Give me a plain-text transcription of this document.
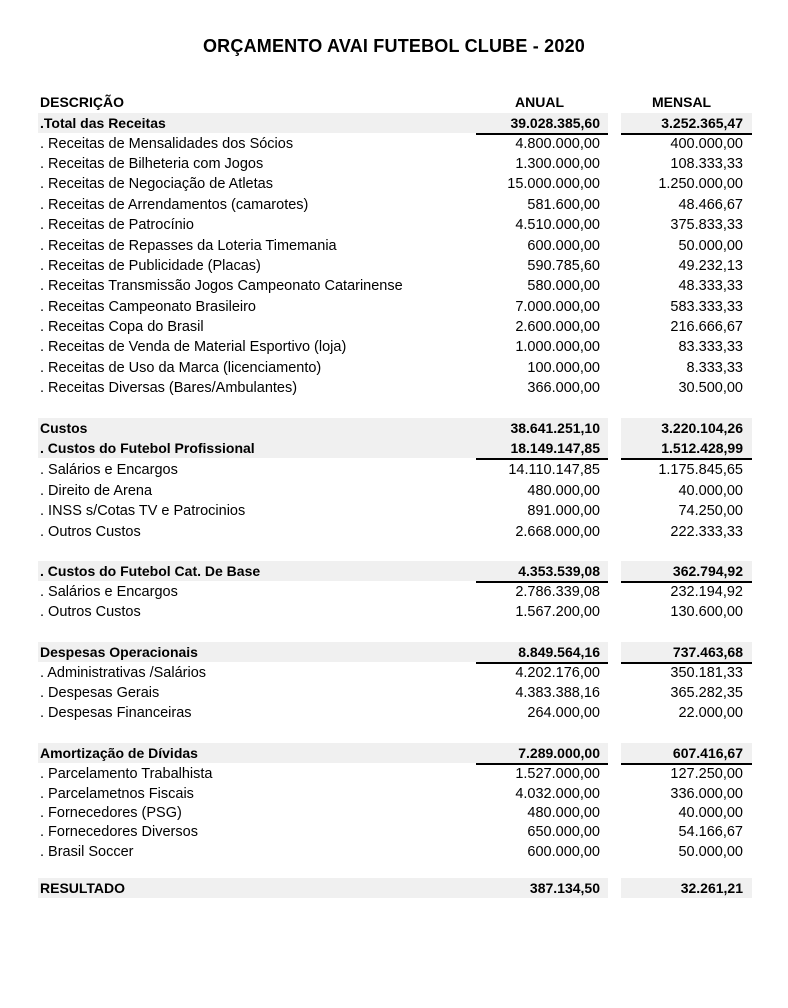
ORÇAMENTO AVAI FUTEBOL CLUBE - 2020
DESCRIÇÃO	ANUAL	MENSAL
.Total das Receitas	39.028.385,60	3.252.365,47
. Receitas de Mensalidades dos Sócios	4.800.000,00	400.000,00
. Receitas de Bilheteria com Jogos	1.300.000,00	108.333,33
. Receitas de Negociação de Atletas	15.000.000,00	1.250.000,00
. Receitas de Arrendamentos (camarotes)	581.600,00	48.466,67
. Receitas de Patrocínio	4.510.000,00	375.833,33
. Receitas de Repasses da Loteria Timemania	600.000,00	50.000,00
. Receitas de Publicidade (Placas)	590.785,60	49.232,13
. Receitas Transmissão Jogos Campeonato Catarinense	580.000,00	48.333,33
. Receitas Campeonato Brasileiro	7.000.000,00	583.333,33
. Receitas Copa do Brasil	2.600.000,00	216.666,67
. Receitas de Venda de Material Esportivo (loja)	1.000.000,00	83.333,33
. Receitas de Uso da Marca (licenciamento)	100.000,00	8.333,33
. Receitas Diversas (Bares/Ambulantes)	366.000,00	30.500,00
Custos	38.641.251,10	3.220.104,26
. Custos do Futebol Profissional	18.149.147,85	1.512.428,99
. Salários e Encargos	14.110.147,85	1.175.845,65
. Direito de Arena	480.000,00	40.000,00
. INSS s/Cotas TV e Patrocinios	891.000,00	74.250,00
. Outros Custos	2.668.000,00	222.333,33
. Custos do Futebol Cat. De Base	4.353.539,08	362.794,92
. Salários e Encargos	2.786.339,08	232.194,92
. Outros Custos	1.567.200,00	130.600,00
Despesas Operacionais	8.849.564,16	737.463,68
. Administrativas /Salários	4.202.176,00	350.181,33
. Despesas Gerais	4.383.388,16	365.282,35
. Despesas Financeiras	264.000,00	22.000,00
Amortização de Dívidas	7.289.000,00	607.416,67
. Parcelamento Trabalhista	1.527.000,00	127.250,00
. Parcelametnos Fiscais	4.032.000,00	336.000,00
. Fornecedores (PSG)	480.000,00	40.000,00
. Fornecedores Diversos	650.000,00	54.166,67
. Brasil Soccer	600.000,00	50.000,00
RESULTADO	387.134,50	32.261,21
